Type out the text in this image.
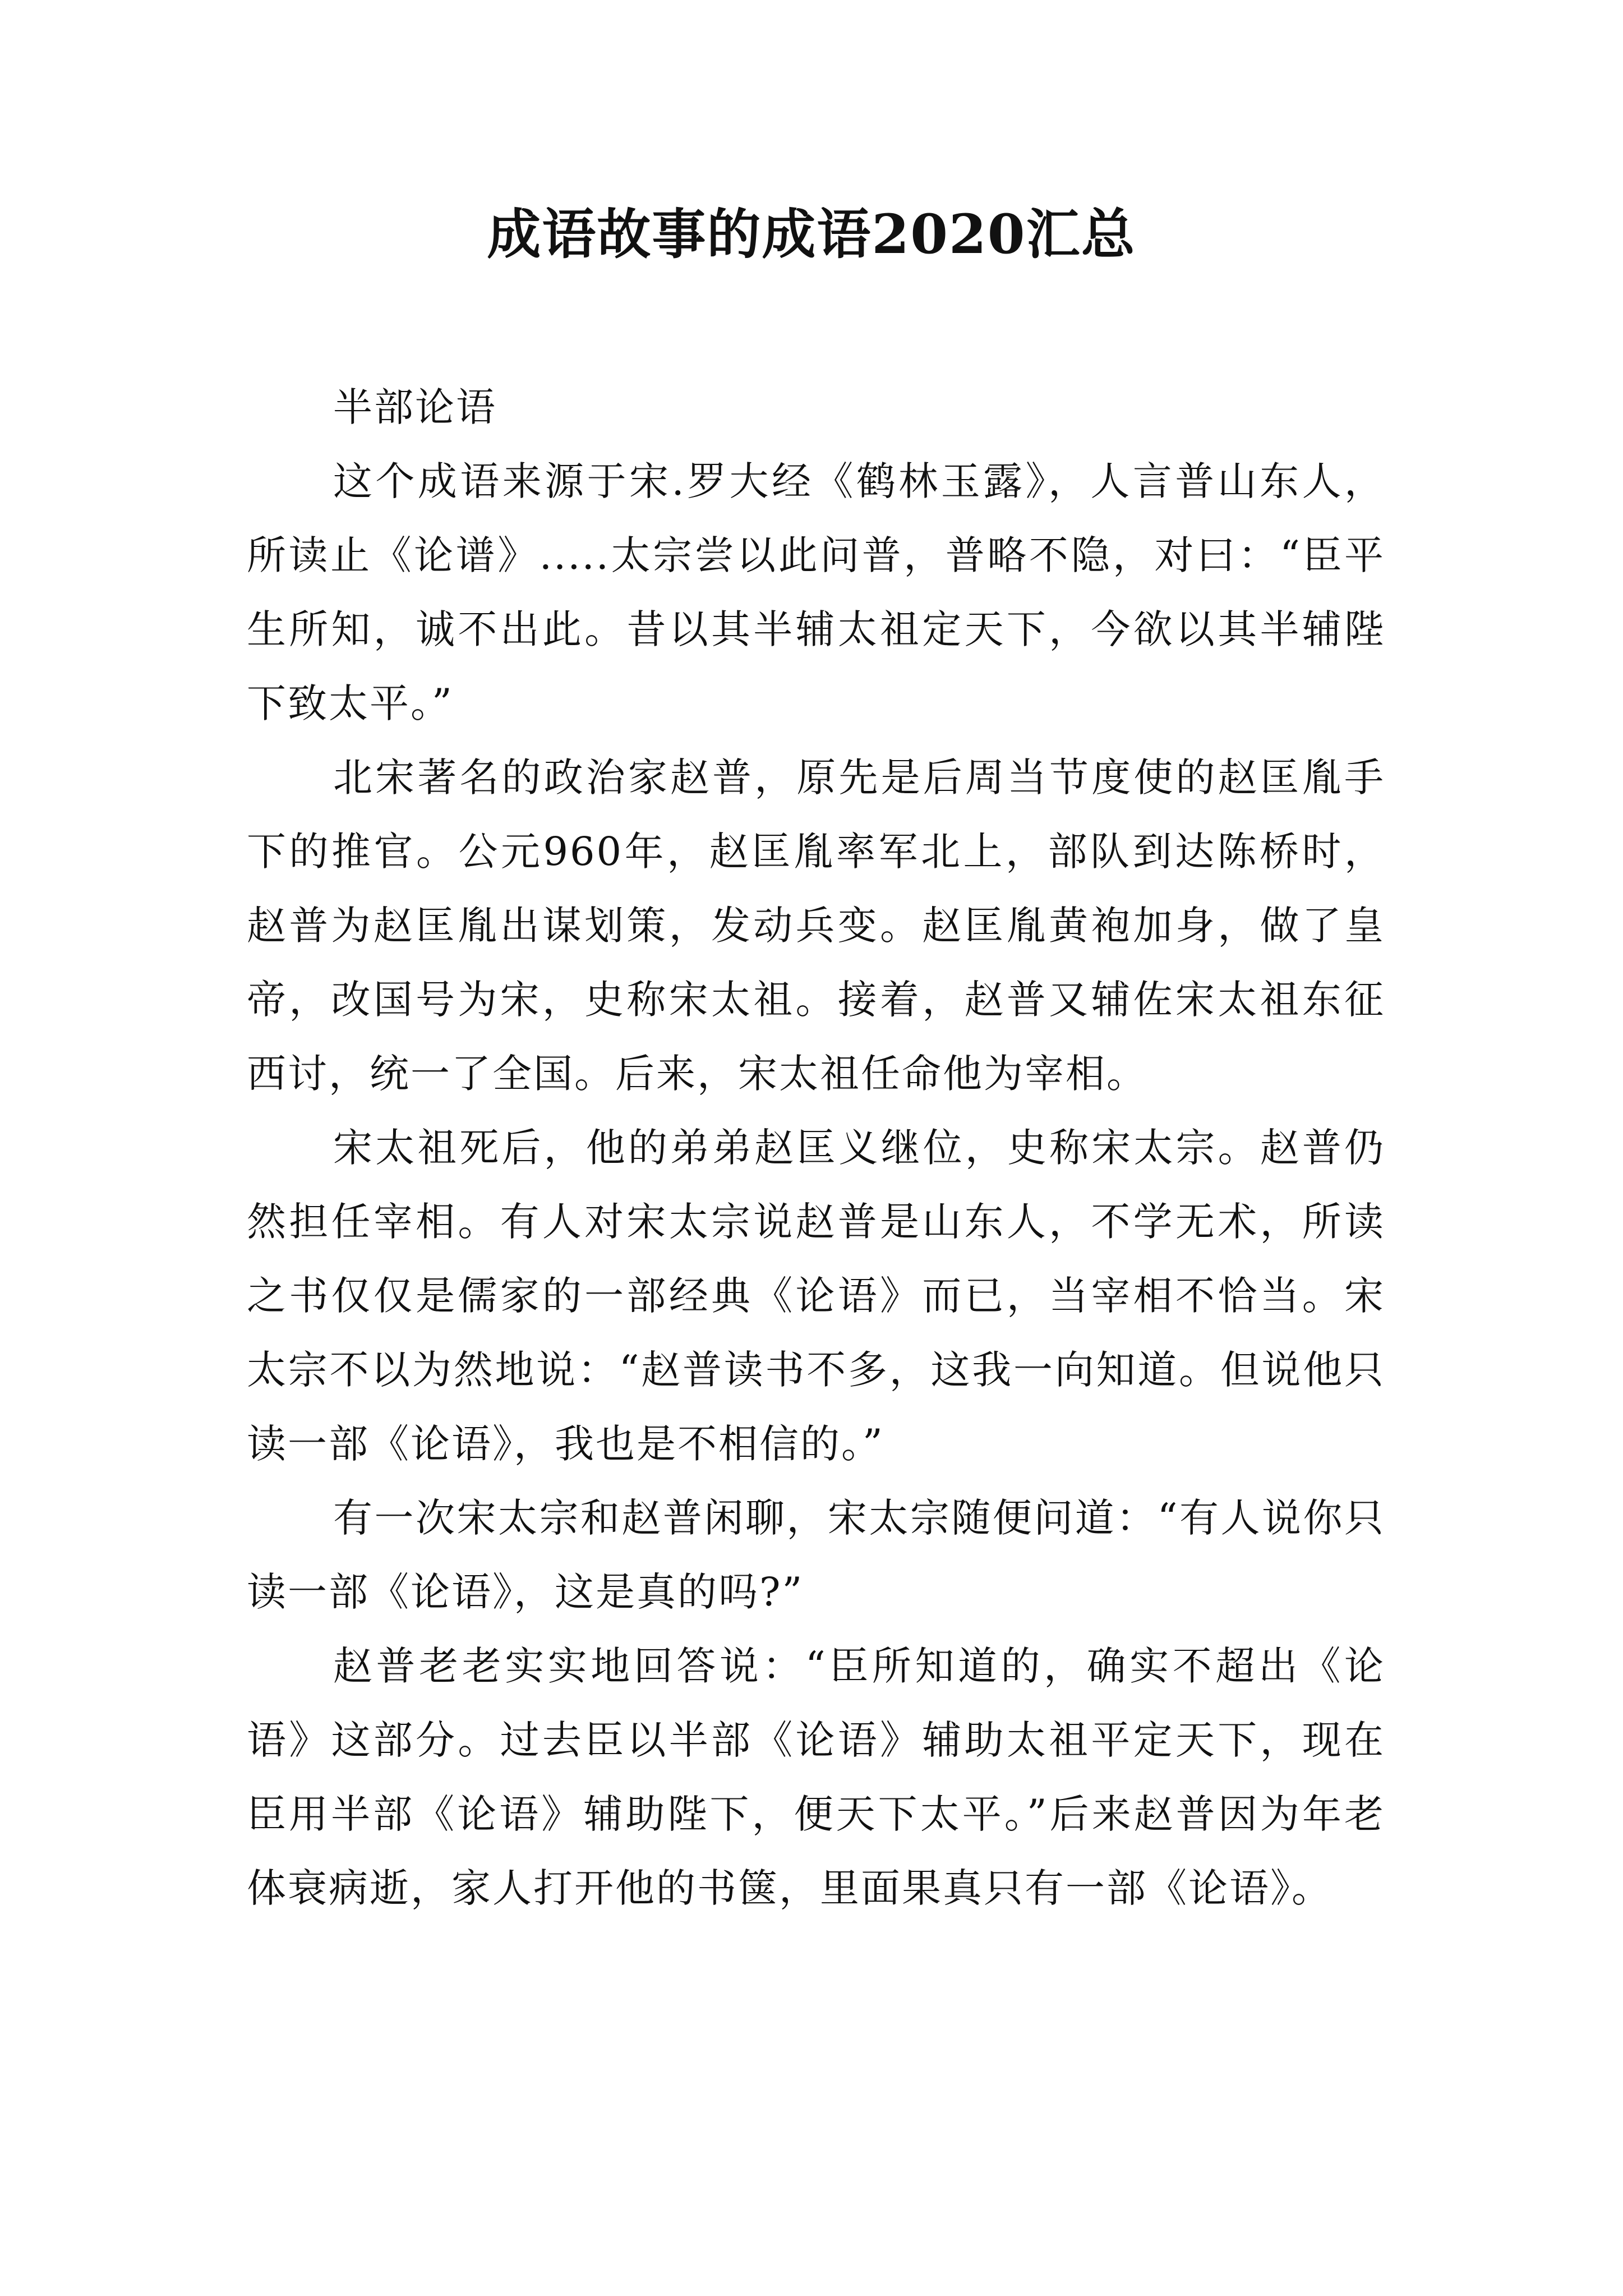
成语故事的成语2020汇总

半部论语

这个成语来源于宋.罗大经《鹤林玉露》，人言普山东人，所读止《论谱》.....太宗尝以此问普，普略不隐，对曰：“臣平生所知，诚不出此。昔以其半辅太祖定天下，今欲以其半辅陛下致太平。”

北宋著名的政治家赵普，原先是后周当节度使的赵匡胤手下的推官。公元960年，赵匡胤率军北上，部队到达陈桥时，赵普为赵匡胤出谋划策，发动兵变。赵匡胤黄袍加身，做了皇帝，改国号为宋，史称宋太祖。接着，赵普又辅佐宋太祖东征西讨，统一了全国。后来，宋太祖任命他为宰相。

宋太祖死后，他的弟弟赵匡义继位，史称宋太宗。赵普仍然担任宰相。有人对宋太宗说赵普是山东人，不学无术，所读之书仅仅是儒家的一部经典《论语》而已，当宰相不恰当。宋太宗不以为然地说：“赵普读书不多，这我一向知道。但说他只读一部《论语》，我也是不相信的。”

有一次宋太宗和赵普闲聊，宋太宗随便问道：“有人说你只读一部《论语》，这是真的吗?”

赵普老老实实地回答说：“臣所知道的，确实不超出《论语》这部分。过去臣以半部《论语》辅助太祖平定天下，现在臣用半部《论语》辅助陛下，便天下太平。”后来赵普因为年老体衰病逝，家人打开他的书箧，里面果真只有一部《论语》。
